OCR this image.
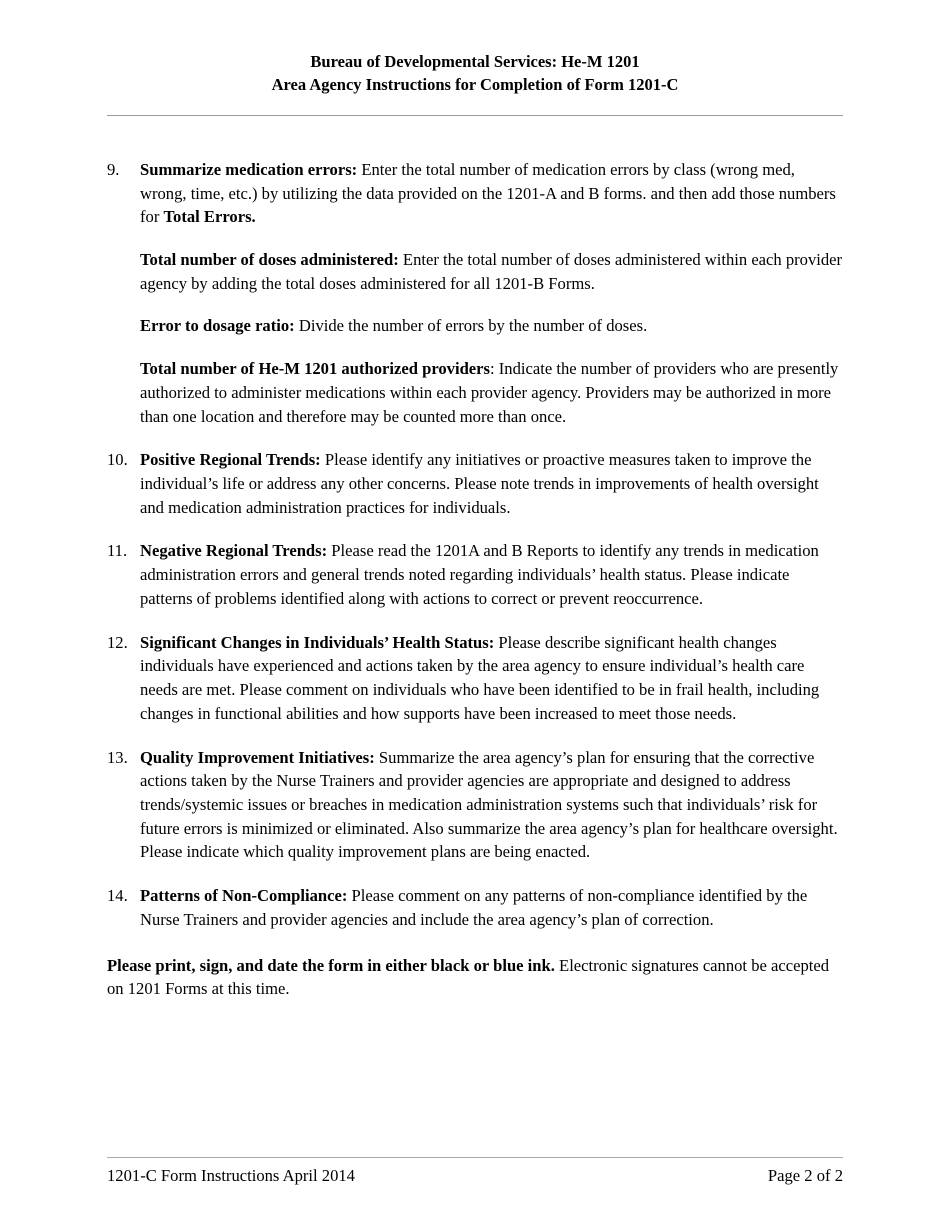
Bureau of Developmental Services: He-M 1201
Area Agency Instructions for Completion of Form 1201-C
9.	Summarize medication errors: Enter the total number of medication errors by class (wrong med, wrong, time, etc.) by utilizing the data provided on the 1201-A and B forms. and then add those numbers for Total Errors.

Total number of doses administered: Enter the total number of doses administered within each provider agency by adding the total doses administered for all 1201-B Forms.

Error to dosage ratio: Divide the number of errors by the number of doses.

Total number of He-M 1201 authorized providers: Indicate the number of providers who are presently authorized to administer medications within each provider agency. Providers may be authorized in more than one location and therefore may be counted more than once.

10. Positive Regional Trends: Please identify any initiatives or proactive measures taken to improve the individual’s life or address any other concerns. Please note trends in improvements of health oversight and medication administration practices for individuals.

11. Negative Regional Trends: Please read the 1201A and B Reports to identify any trends in medication administration errors and general trends noted regarding individuals’ health status. Please indicate patterns of problems identified along with actions to correct or prevent reoccurrence.

12. Significant Changes in Individuals’ Health Status: Please describe significant health changes individuals have experienced and actions taken by the area agency to ensure individual’s health care needs are met. Please comment on individuals who have been identified to be in frail health, including changes in functional abilities and how supports have been increased to meet those needs.

13. Quality Improvement Initiatives: Summarize the area agency’s plan for ensuring that the corrective actions taken by the Nurse Trainers and provider agencies are appropriate and designed to address trends/systemic issues or breaches in medication administration systems such that individuals’ risk for future errors is minimized or eliminated. Also summarize the area agency’s plan for healthcare oversight. Please indicate which quality improvement plans are being enacted.

14. Patterns of Non-Compliance: Please comment on any patterns of non-compliance identified by the Nurse Trainers and provider agencies and include the area agency’s plan of correction.

Please print, sign, and date the form in either black or blue ink. Electronic signatures cannot be accepted on 1201 Forms at this time.
1201-C Form Instructions April 2014	Page 2 of 2
